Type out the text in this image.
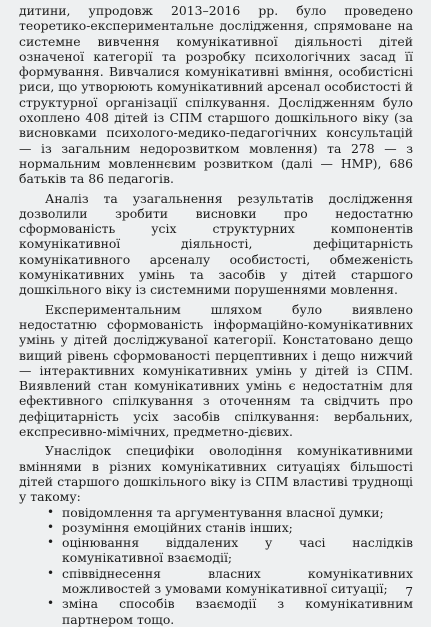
дитини, упродовж 2013–2016 рр. було проведено теоретико-експериментальне дослідження, спрямоване на системне вивчення комунікативної діяльності дітей означеної категорії та розробку психологічних засад її формування. Вивчалися комунікативні вміння, особистісні риси, що утворюють комунікативний арсенал особистості й структурної організації спілкування. Дослідженням було охоплено 408 дітей із СПМ старшого дошкільного віку (за висновками психолого-медико-педагогічних консультацій — із загальним недорозвитком мовлення) та 278 — з нормальним мовленнєвим розвитком (далі — НМР), 686 батьків та 86 педагогів.

Аналіз та узагальнення результатів дослідження дозволили зробити висновки про недостатню сформованість усіх структурних компонентів комунікативної діяльності, дефіцитарність комунікативного арсеналу особистості, обмеженість комунікативних умінь та засобів у дітей старшого дошкільного віку із системними порушеннями мовлення.

Експериментальним шляхом було виявлено недостатню сформованість інформаційно-комунікативних умінь у дітей досліджуваної категорії. Констатовано дещо вищий рівень сформованості перцептивних і дещо нижчий — інтерактивних комунікативних умінь у дітей із СПМ. Виявлений стан комунікативних умінь є недостатнім для ефективного спілкування з оточенням та свідчить про дефіцитарність усіх засобів спілкування: вербальних, експресивно-мімічних, предметно-дієвих.

Унаслідок специфіки оволодіння комунікативними вміннями в різних комунікативних ситуаціях більшості дітей старшого дошкільного віку із СПМ властиві труднощі у такому:

• повідомлення та аргументування власної думки;
• розуміння емоційних станів інших;
• оцінювання віддалених у часі наслідків комунікативної взаємодії;
• співвіднесення власних комунікативних можливостей з умовами комунікативної ситуації;
• зміна способів взаємодії з комунікативним партнером тощо.
7
